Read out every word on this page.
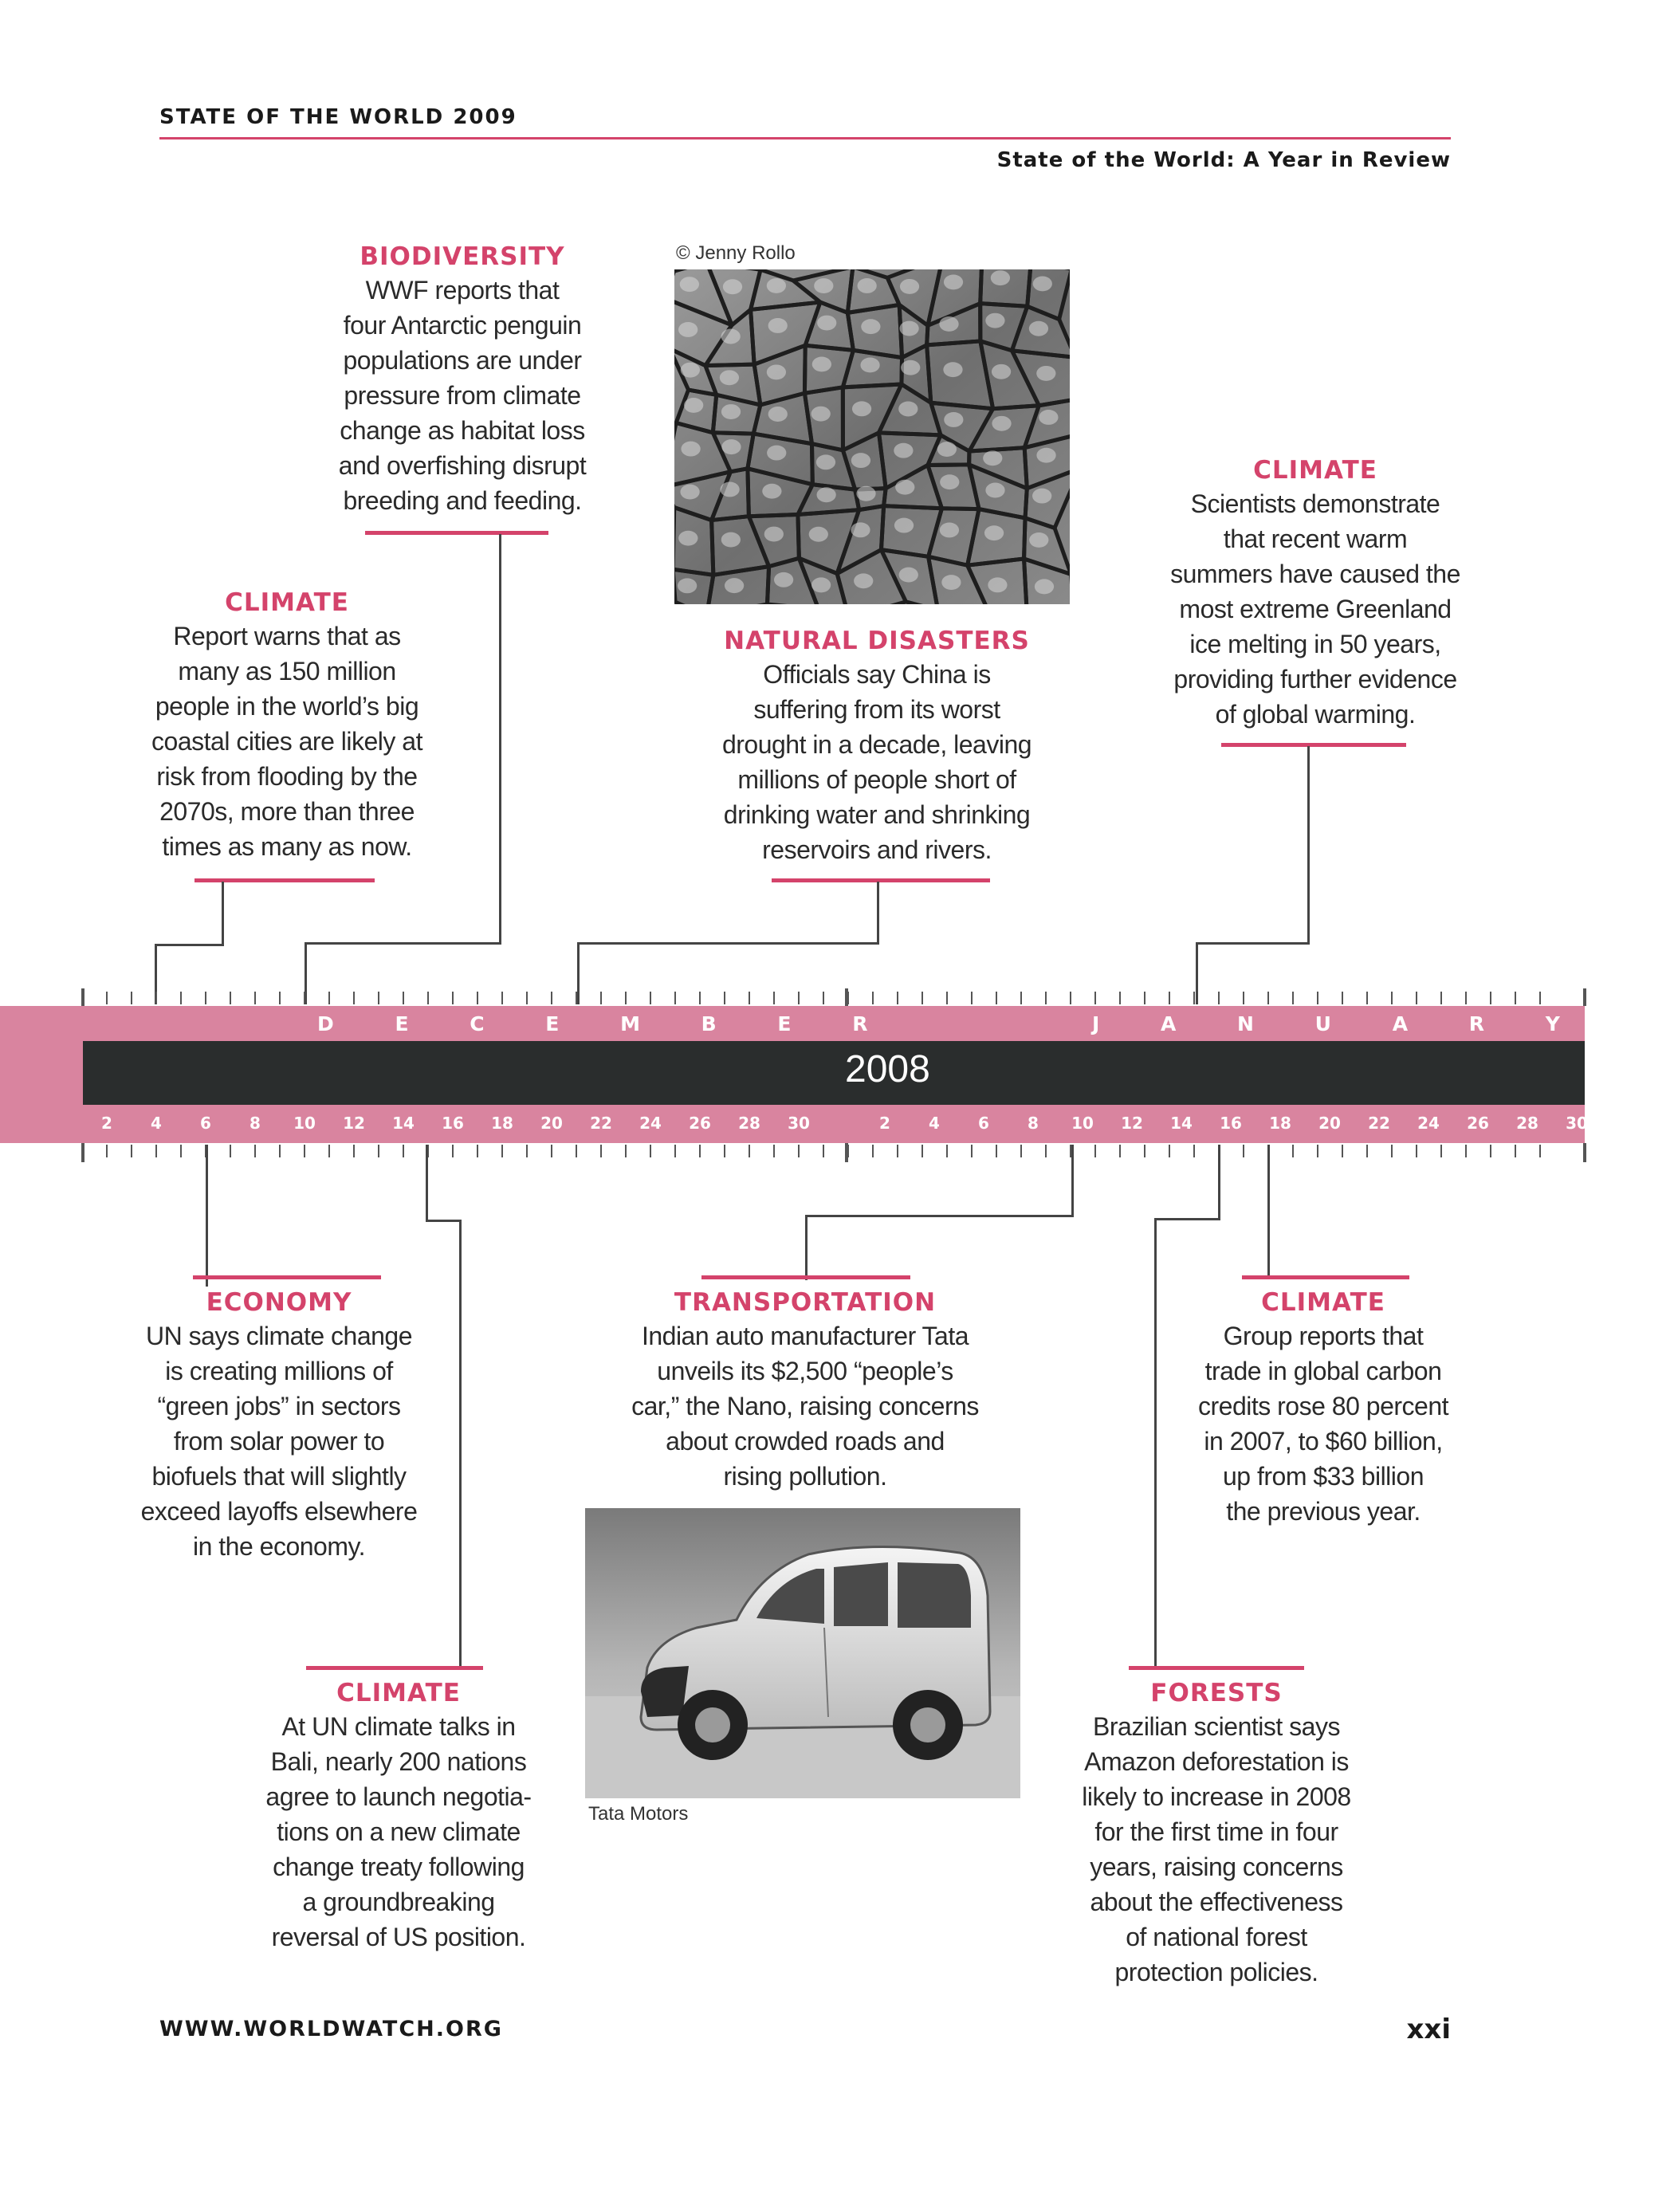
STATE OF THE WORLD 2009
State of the World: A Year in Review
© Jenny Rollo
Tata Motors
BIODIVERSITY
WWF reports that
four Antarctic penguin
populations are under
pressure from climate
change as habitat loss
and overfishing disrupt
breeding and feeding.
CLIMATE
Report warns that as
many as 150 million
people in the world’s big
coastal cities are likely at
risk from flooding by the
2070s, more than three
times as many as now.
NATURAL DISASTERS
Officials say China is
suffering from its worst
drought in a decade, leaving
millions of people short of
drinking water and shrinking
reservoirs and rivers.
CLIMATE
Scientists demonstrate
that recent warm
summers have caused the
most extreme Greenland
ice melting in 50 years,
providing further evidence
of global warming.
D E C E M B E R	J A N U A R Y
2008
2	4	6	8	10	12	14	16	18	20	22	24	26	28	30	2	4	6	8	10	12	14	16	18	20	22	24	26	28	30
ECONOMY
UN says climate change
is creating millions of
“green jobs” in sectors
from solar power to
biofuels that will slightly
exceed layoffs elsewhere
in the economy.
TRANSPORTATION
Indian auto manufacturer Tata
unveils its $2,500 “people’s
car,” the Nano, raising concerns
about crowded roads and
rising pollution.
CLIMATE
Group reports that
trade in global carbon
credits rose 80 percent
in 2007, to $60 billion,
up from $33 billion
the previous year.
CLIMATE
At UN climate talks in
Bali, nearly 200 nations
agree to launch negotia-
tions on a new climate
change treaty following
a groundbreaking
reversal of US position.
FORESTS
Brazilian scientist says
Amazon deforestation is
likely to increase in 2008
for the first time in four
years, raising concerns
about the effectiveness
of national forest
protection policies.
WWW.WORLDWATCH.ORG	xxi
